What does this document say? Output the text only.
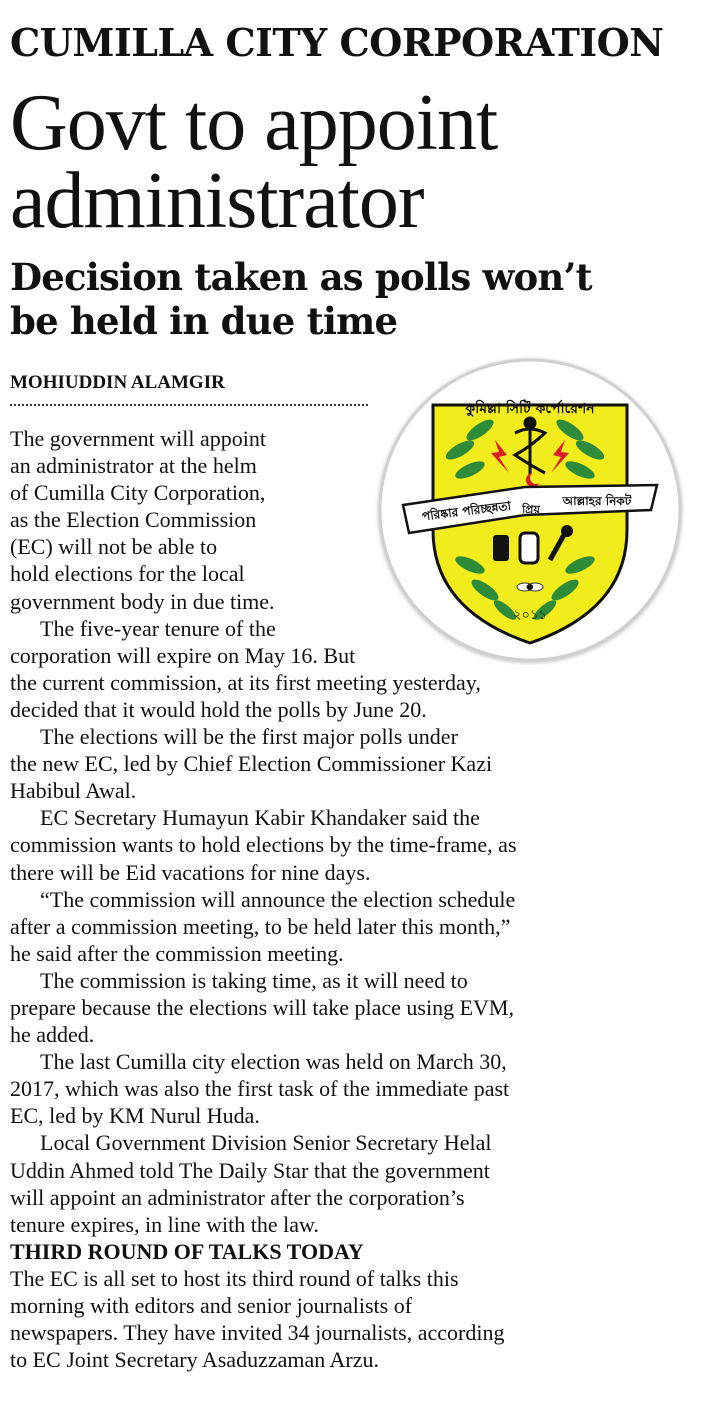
CUMILLA CITY CORPORATION
Govt to appoint
administrator
Decision taken as polls won’t
be held in due time
MOHIUDDIN ALAMGIR
কুমিল্লা সিটি কর্পোরেশন
পরিষ্কার পরিচ্ছন্নতা প্রিয়
আল্লাহর নিকট
২০১১
The government will appoint
an administrator at the helm
of Cumilla City Corporation,
as the Election Commission
(EC) will not be able to
hold elections for the local
government body in due time.
The five-year tenure of the
corporation will expire on May 16. But
the current commission, at its first meeting yesterday,
decided that it would hold the polls by June 20.
The elections will be the first major polls under
the new EC, led by Chief Election Commissioner Kazi
Habibul Awal.
EC Secretary Humayun Kabir Khandaker said the
commission wants to hold elections by the time-frame, as
there will be Eid vacations for nine days.
“The commission will announce the election schedule
after a commission meeting, to be held later this month,”
he said after the commission meeting.
The commission is taking time, as it will need to
prepare because the elections will take place using EVM,
he added.
The last Cumilla city election was held on March 30,
2017, which was also the first task of the immediate past
EC, led by KM Nurul Huda.
Local Government Division Senior Secretary Helal
Uddin Ahmed told The Daily Star that the government
will appoint an administrator after the corporation’s
tenure expires, in line with the law.
THIRD ROUND OF TALKS TODAY
The EC is all set to host its third round of talks this
morning with editors and senior journalists of
newspapers. They have invited 34 journalists, according
to EC Joint Secretary Asaduzzaman Arzu.
